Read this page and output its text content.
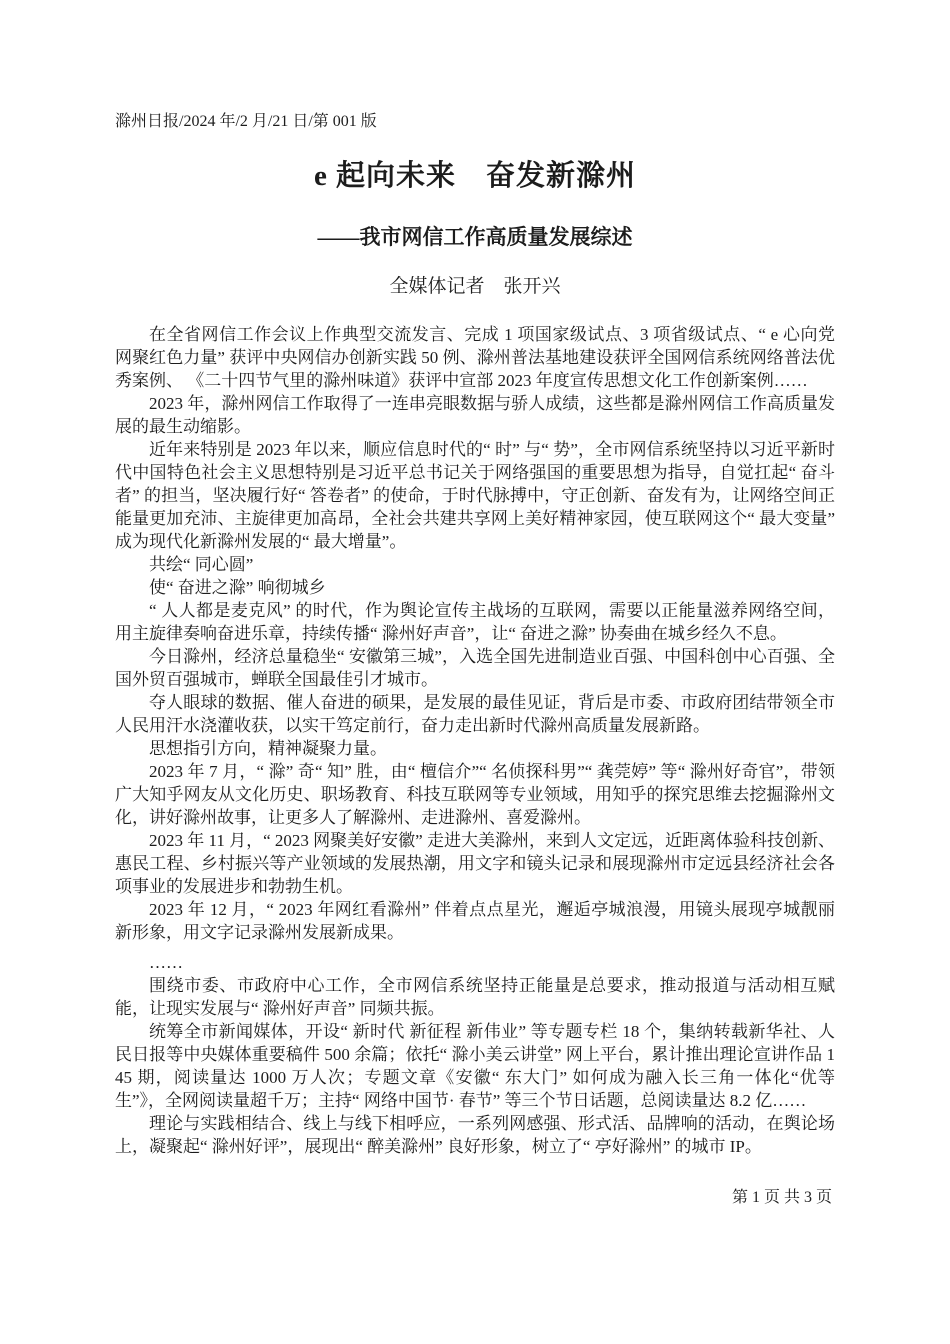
滁州日报/2024 年/2 月/21 日/第 001 版
e 起向未来　奋发新滁州
——我市网信工作高质量发展综述
全媒体记者　张开兴

在全省网信工作会议上作典型交流发言、完成 1 项国家级试点、3 项省级试点、“ e 心向党 网聚红色力量” 获评中央网信办创新实践 50 例、滁州普法基地建设获评全国网信系统网络普法优秀案例、 《二十四节气里的滁州味道》获评中宣部 2023 年度宣传思想文化工作创新案例……

2023 年，滁州网信工作取得了一连串亮眼数据与骄人成绩，这些都是滁州网信工作高质量发展的最生动缩影。

近年来特别是 2023 年以来，顺应信息时代的“ 时” 与“ 势”，全市网信系统坚持以习近平新时代中国特色社会主义思想特别是习近平总书记关于网络强国的重要思想为指导，自觉扛起“ 奋斗者” 的担当，坚决履行好“ 答卷者” 的使命，于时代脉搏中，守正创新、奋发有为，让网络空间正能量更加充沛、主旋律更加高昂，全社会共建共享网上美好精神家园，使互联网这个“ 最大变量” 成为现代化新滁州发展的“ 最大增量”。

共绘“ 同心圆”

使“ 奋进之滁” 响彻城乡

“ 人人都是麦克风” 的时代，作为舆论宣传主战场的互联网，需要以正能量滋养网络空间，用主旋律奏响奋进乐章，持续传播“ 滁州好声音”，让“ 奋进之滁” 协奏曲在城乡经久不息。

今日滁州，经济总量稳坐“ 安徽第三城”，入选全国先进制造业百强、中国科创中心百强、全国外贸百强城市，蝉联全国最佳引才城市。

夺人眼球的数据、催人奋进的硕果，是发展的最佳见证，背后是市委、市政府团结带领全市人民用汗水浇灌收获，以实干笃定前行，奋力走出新时代滁州高质量发展新路。

思想指引方向，精神凝聚力量。

2023 年 7 月，“ 滁” 奇“ 知” 胜，由“ 檀信介”“ 名侦探科男”“ 龚莞婷” 等“ 滁州好奇官”，带领广大知乎网友从文化历史、职场教育、科技互联网等专业领域，用知乎的探究思维去挖掘滁州文化，讲好滁州故事，让更多人了解滁州、走进滁州、喜爱滁州。

2023 年 11 月，“ 2023 网聚美好安徽” 走进大美滁州，来到人文定远，近距离体验科技创新、惠民工程、乡村振兴等产业领域的发展热潮，用文字和镜头记录和展现滁州市定远县经济社会各项事业的发展进步和勃勃生机。

2023 年 12 月，“ 2023 年网红看滁州” 伴着点点星光，邂逅亭城浪漫，用镜头展现亭城靓丽新形象，用文字记录滁州发展新成果。

……

围绕市委、市政府中心工作，全市网信系统坚持正能量是总要求，推动报道与活动相互赋能，让现实发展与“ 滁州好声音” 同频共振。

统筹全市新闻媒体，开设“ 新时代 新征程 新伟业” 等专题专栏 18 个，集纳转载新华社、人民日报等中央媒体重要稿件 500 余篇；依托“ 滁小美云讲堂” 网上平台，累计推出理论宣讲作品 145 期，阅读量达 1000 万人次；专题文章《安徽“ 东大门” 如何成为融入长三角一体化“优等生”》，全网阅读量超千万；主持“ 网络中国节· 春节” 等三个节日话题，总阅读量达 8.2 亿……

理论与实践相结合、线上与线下相呼应，一系列网感强、形式活、品牌响的活动，在舆论场上，凝聚起“ 滁州好评”，展现出“ 醉美滁州” 良好形象，树立了“ 亭好滁州” 的城市 IP。

第 1 页 共 3 页
